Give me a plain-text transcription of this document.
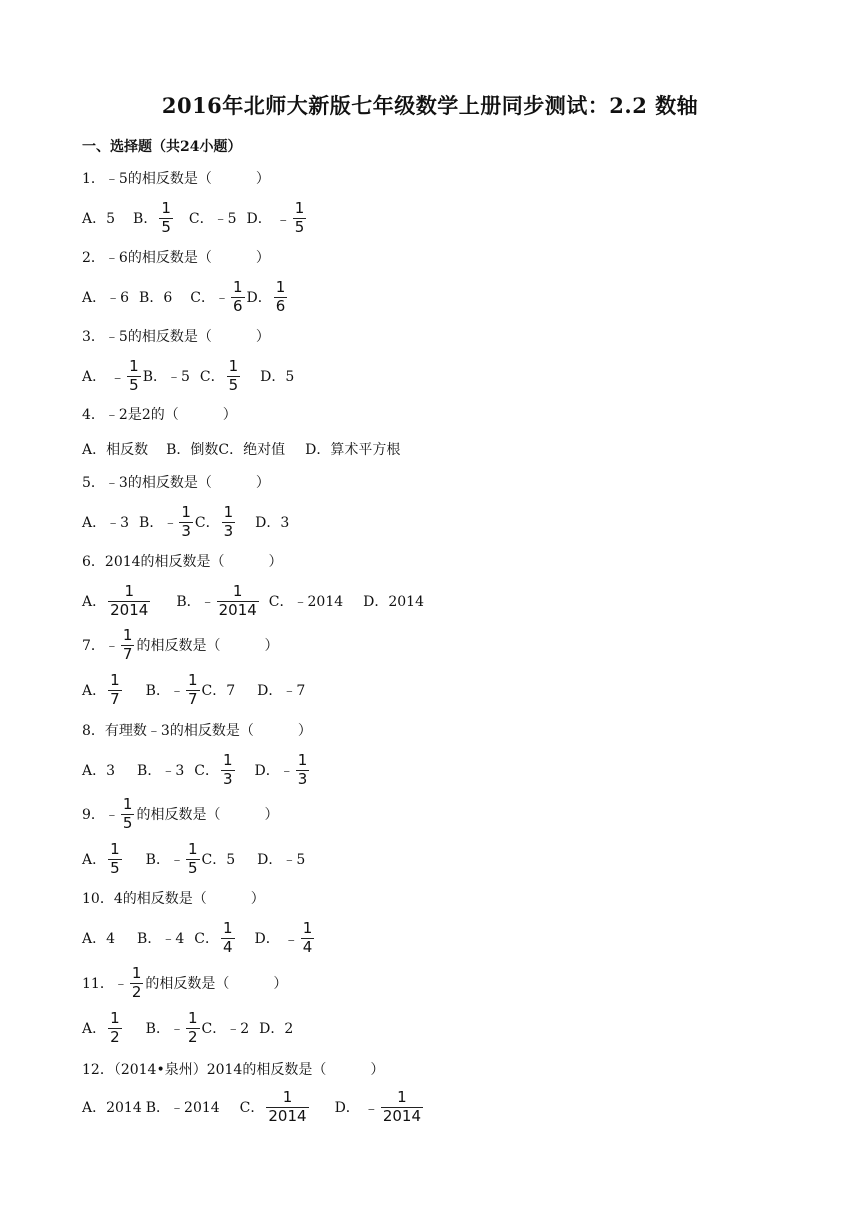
2016年北师大新版七年级数学上册同步测试：2.2 数轴
一、选择题（共24小题）
1．﹣5的相反数是（	）
A．5 B． $\frac{1}{5}$ C．﹣5 D． ﹣ $\frac{1}{5}$
2．﹣6的相反数是（	）
A．﹣6 B．6 C．﹣ $\frac{1}{6}$ D． $\frac{1}{6}$
3．﹣5的相反数是（	）
A． ﹣ $\frac{1}{5}$ B．﹣5 C． $\frac{1}{5}$ D．5
4．﹣2是2的（	）
A．相反数 B．倒数 C．绝对值 D．算术平方根
5．﹣3的相反数是（	）
A．﹣3 B．﹣ $\frac{1}{3}$ C． $\frac{1}{3}$ D．3
6．2014的相反数是（	）
A． $\frac{1}{2014}$ B．﹣ $\frac{1}{2014}$ C．﹣2014 D．2014
7．﹣ $\frac{1}{7}$ 的相反数是（	）
A． $\frac{1}{7}$ B．﹣ $\frac{1}{7}$ C．7 D．﹣7
8．有理数﹣3的相反数是（	）
A．3 B．﹣3 C． $\frac{1}{3}$ D．﹣ $\frac{1}{3}$
9．﹣ $\frac{1}{5}$ 的相反数是（	）
A． $\frac{1}{5}$ B．﹣ $\frac{1}{5}$ C．5 D．﹣5
10．4的相反数是（	）
A．4 B．﹣4 C． $\frac{1}{4}$ D． ﹣ $\frac{1}{4}$
11．﹣ $\frac{1}{2}$ 的相反数是（	）
A． $\frac{1}{2}$ B．﹣ $\frac{1}{2}$ C．﹣2 D．2
12．（2014•泉州）2014的相反数是（	）
A．2014 B．﹣2014 C． $\frac{1}{2014}$ D． ﹣ $\frac{1}{2014}$
